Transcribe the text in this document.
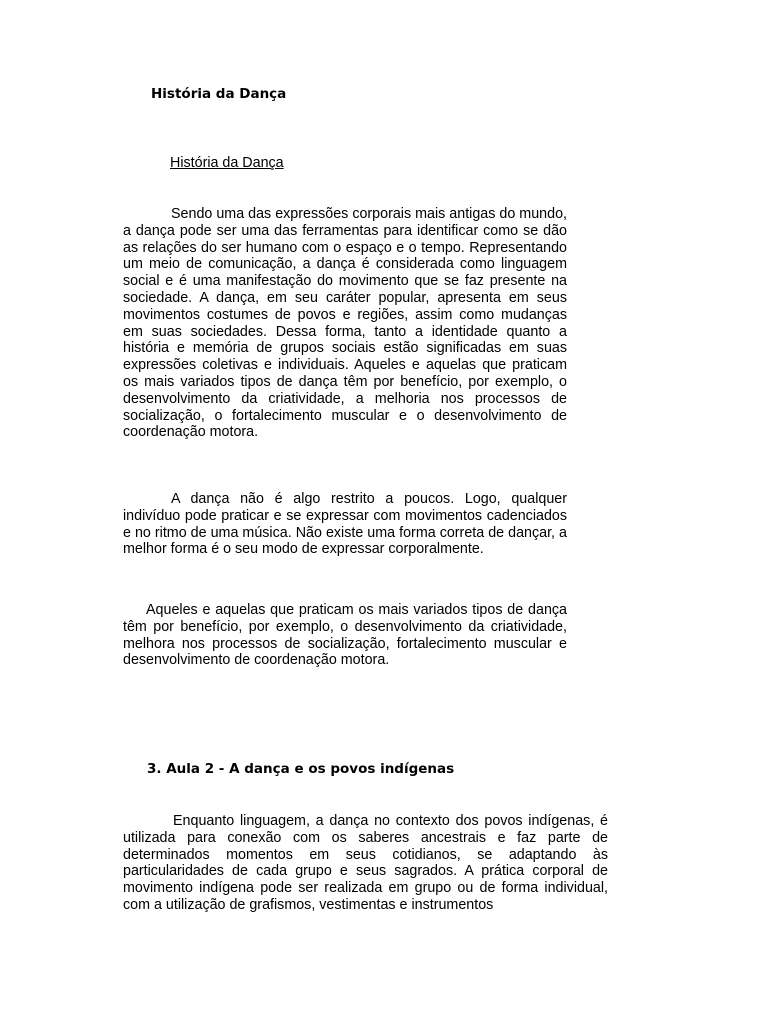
História da Dança

História da Dança

Sendo uma das expressões corporais mais antigas do mundo, a dança pode ser uma das ferramentas para identificar como se dão as relações do ser humano com o espaço e o tempo. Representando um meio de comunicação, a dança é considerada como linguagem social e é uma manifestação do movimento que se faz presente na sociedade. A dança, em seu caráter popular, apresenta em seus movimentos costumes de povos e regiões, assim como mudanças em suas sociedades. Dessa forma, tanto a identidade quanto a história e memória de grupos sociais estão significadas em suas expressões coletivas e individuais. Aqueles e aquelas que praticam os mais variados tipos de dança têm por benefício, por exemplo, o desenvolvimento da criatividade, a melhoria nos processos de socialização, o fortalecimento muscular e o desenvolvimento de coordenação motora.

A dança não é algo restrito a poucos. Logo, qualquer indivíduo pode praticar e se expressar com movimentos cadenciados e no ritmo de uma música. Não existe uma forma correta de dançar, a melhor forma é o seu modo de expressar corporalmente.

Aqueles e aquelas que praticam os mais variados tipos de dança têm por benefício, por exemplo, o desenvolvimento da criatividade, melhora nos processos de socialização, fortalecimento muscular e desenvolvimento de coordenação motora.

3. Aula 2 - A dança e os povos indígenas

Enquanto linguagem, a dança no contexto dos povos indígenas, é utilizada para conexão com os saberes ancestrais e faz parte de determinados momentos em seus cotidianos, se adaptando às particularidades de cada grupo e seus sagrados. A prática corporal de movimento indígena pode ser realizada em grupo ou de forma individual, com a utilização de grafismos, vestimentas e instrumentos
